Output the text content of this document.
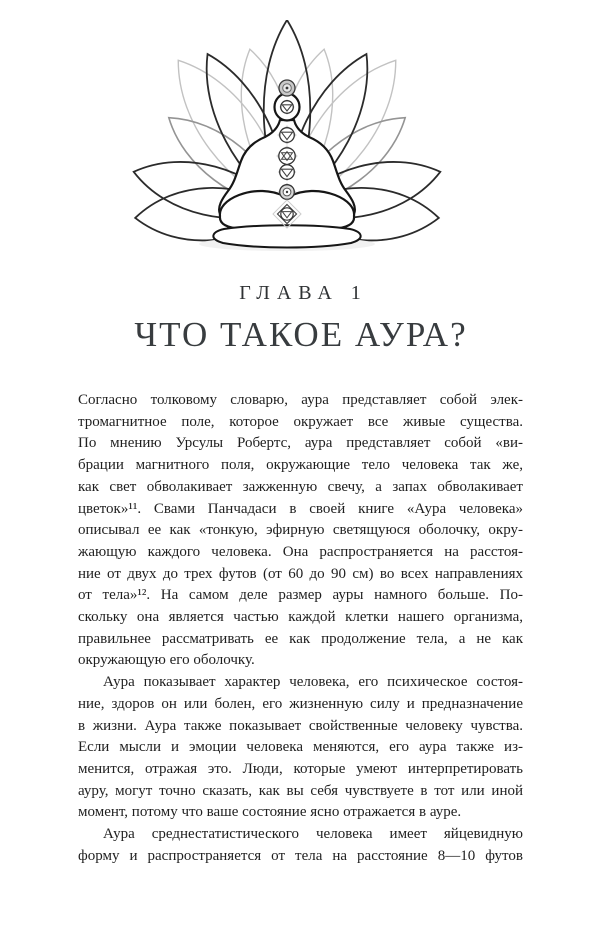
ГЛАВА 1
ЧТО ТАКОЕ АУРА?
Согласно толковому словарю, аура представляет собой элек-
тромагнитное поле, которое окружает все живые существа.
По мнению Урсулы Робертс, аура представляет собой «ви-
брации магнитного поля, окружающие тело человека так же,
как свет обволакивает зажженную свечу, а запах обволакивает
цветок»¹¹. Свами Панчадаси в своей книге «Аура человека»
описывал ее как «тонкую, эфирную светящуюся оболочку, окру-
жающую каждого человека. Она распространяется на расстоя-
ние от двух до трех футов (от 60 до 90 см) во всех направлениях
от тела»¹². На самом деле размер ауры намного больше. По-
скольку она является частью каждой клетки нашего организма,
правильнее рассматривать ее как продолжение тела, а не как
окружающую его оболочку.
Аура показывает характер человека, его психическое состоя-
ние, здоров он или болен, его жизненную силу и предназначение
в жизни. Аура также показывает свойственные человеку чувства.
Если мысли и эмоции человека меняются, его аура также из-
менится, отражая это. Люди, которые умеют интерпретировать
ауру, могут точно сказать, как вы себя чувствуете в тот или иной
момент, потому что ваше состояние ясно отражается в ауре.
Аура среднестатистического человека имеет яйцевидную
форму и распространяется от тела на расстояние 8—10 футов
